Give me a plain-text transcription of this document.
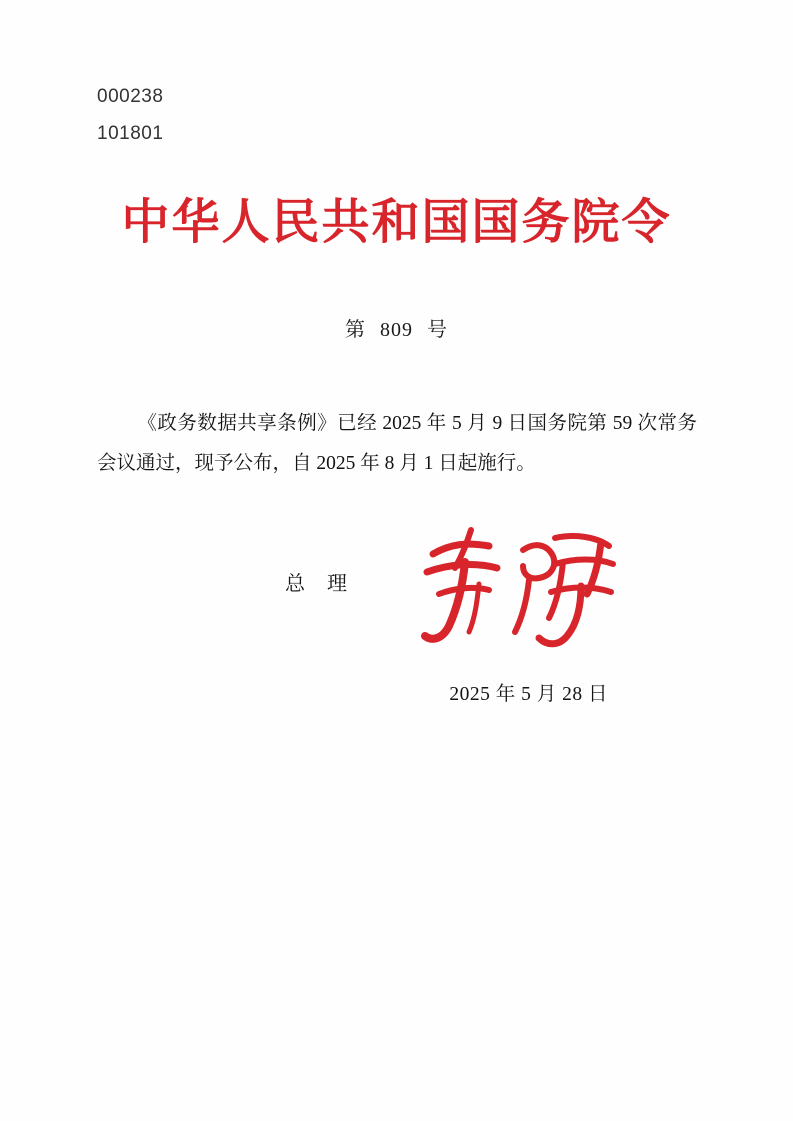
000238
101801
中华人民共和国国务院令
第 809 号
《政务数据共享条例》已经 2025 年 5 月 9 日国务院第 59 次常务会议通过，现予公布，自 2025 年 8 月 1 日起施行。
总　理
2025 年 5 月 28 日
